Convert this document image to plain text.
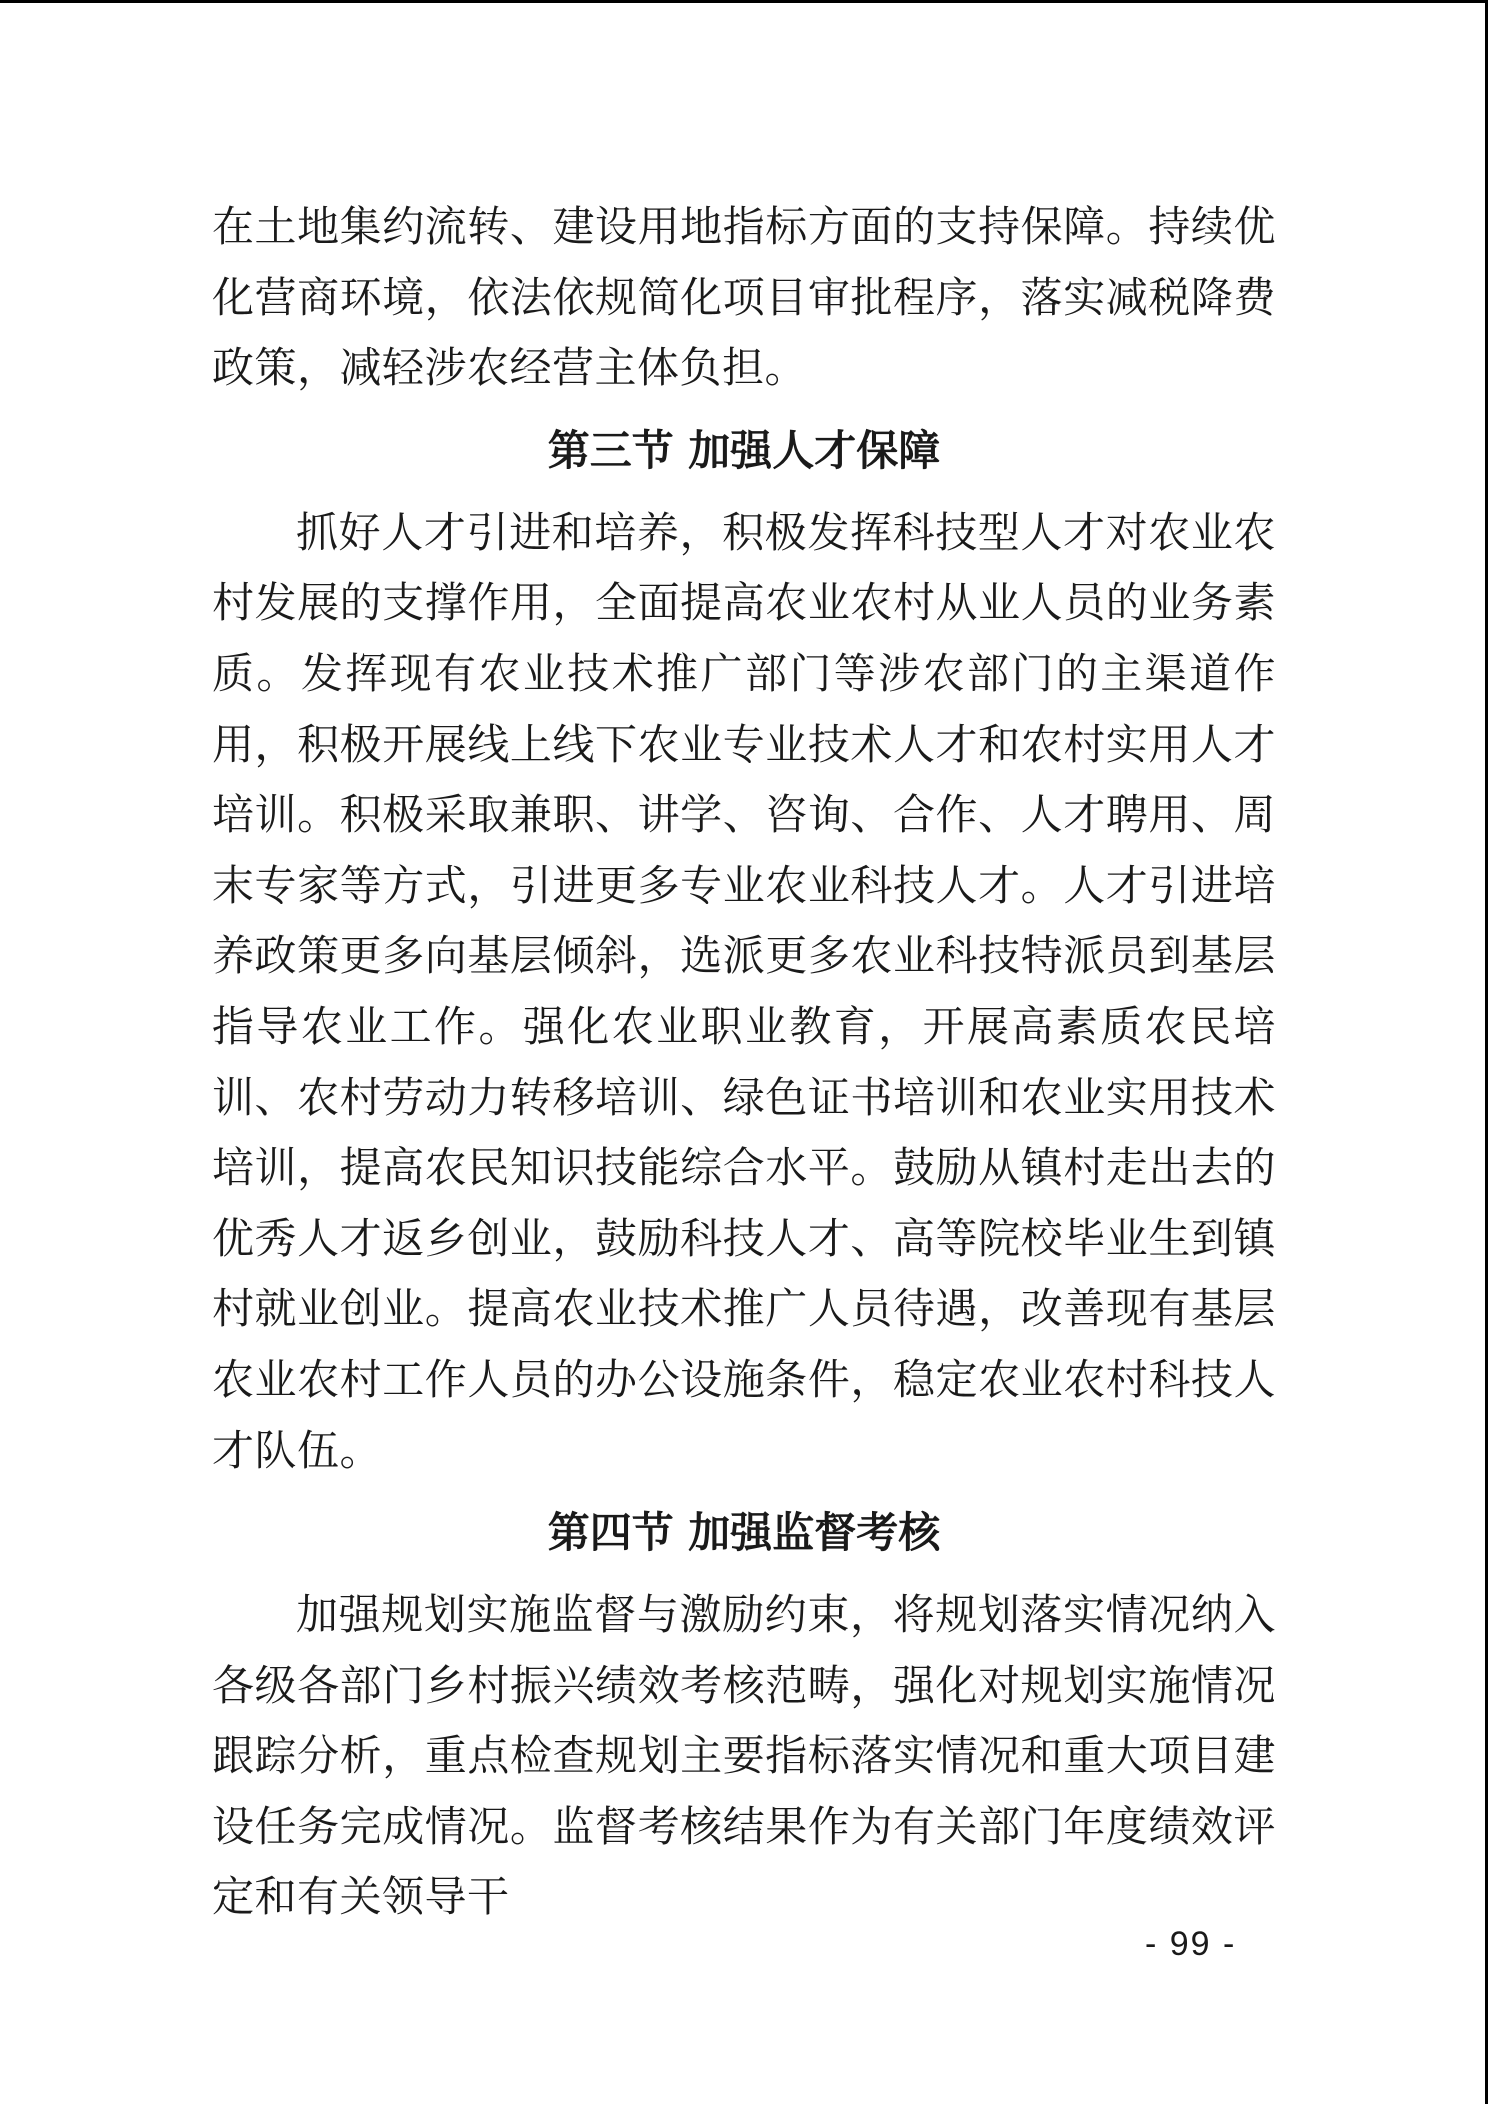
在土地集约流转、建设用地指标方面的支持保障。持续优化营商环境，依法依规简化项目审批程序，落实减税降费政策，减轻涉农经营主体负担。

第三节 加强人才保障

抓好人才引进和培养，积极发挥科技型人才对农业农村发展的支撑作用，全面提高农业农村从业人员的业务素质。发挥现有农业技术推广部门等涉农部门的主渠道作用，积极开展线上线下农业专业技术人才和农村实用人才培训。积极采取兼职、讲学、咨询、合作、人才聘用、周末专家等方式，引进更多专业农业科技人才。人才引进培养政策更多向基层倾斜，选派更多农业科技特派员到基层指导农业工作。强化农业职业教育，开展高素质农民培训、农村劳动力转移培训、绿色证书培训和农业实用技术培训，提高农民知识技能综合水平。鼓励从镇村走出去的优秀人才返乡创业，鼓励科技人才、高等院校毕业生到镇村就业创业。提高农业技术推广人员待遇，改善现有基层农业农村工作人员的办公设施条件，稳定农业农村科技人才队伍。

第四节 加强监督考核

加强规划实施监督与激励约束，将规划落实情况纳入各级各部门乡村振兴绩效考核范畴，强化对规划实施情况跟踪分析，重点检查规划主要指标落实情况和重大项目建设任务完成情况。监督考核结果作为有关部门年度绩效评定和有关领导干

- 99 -
